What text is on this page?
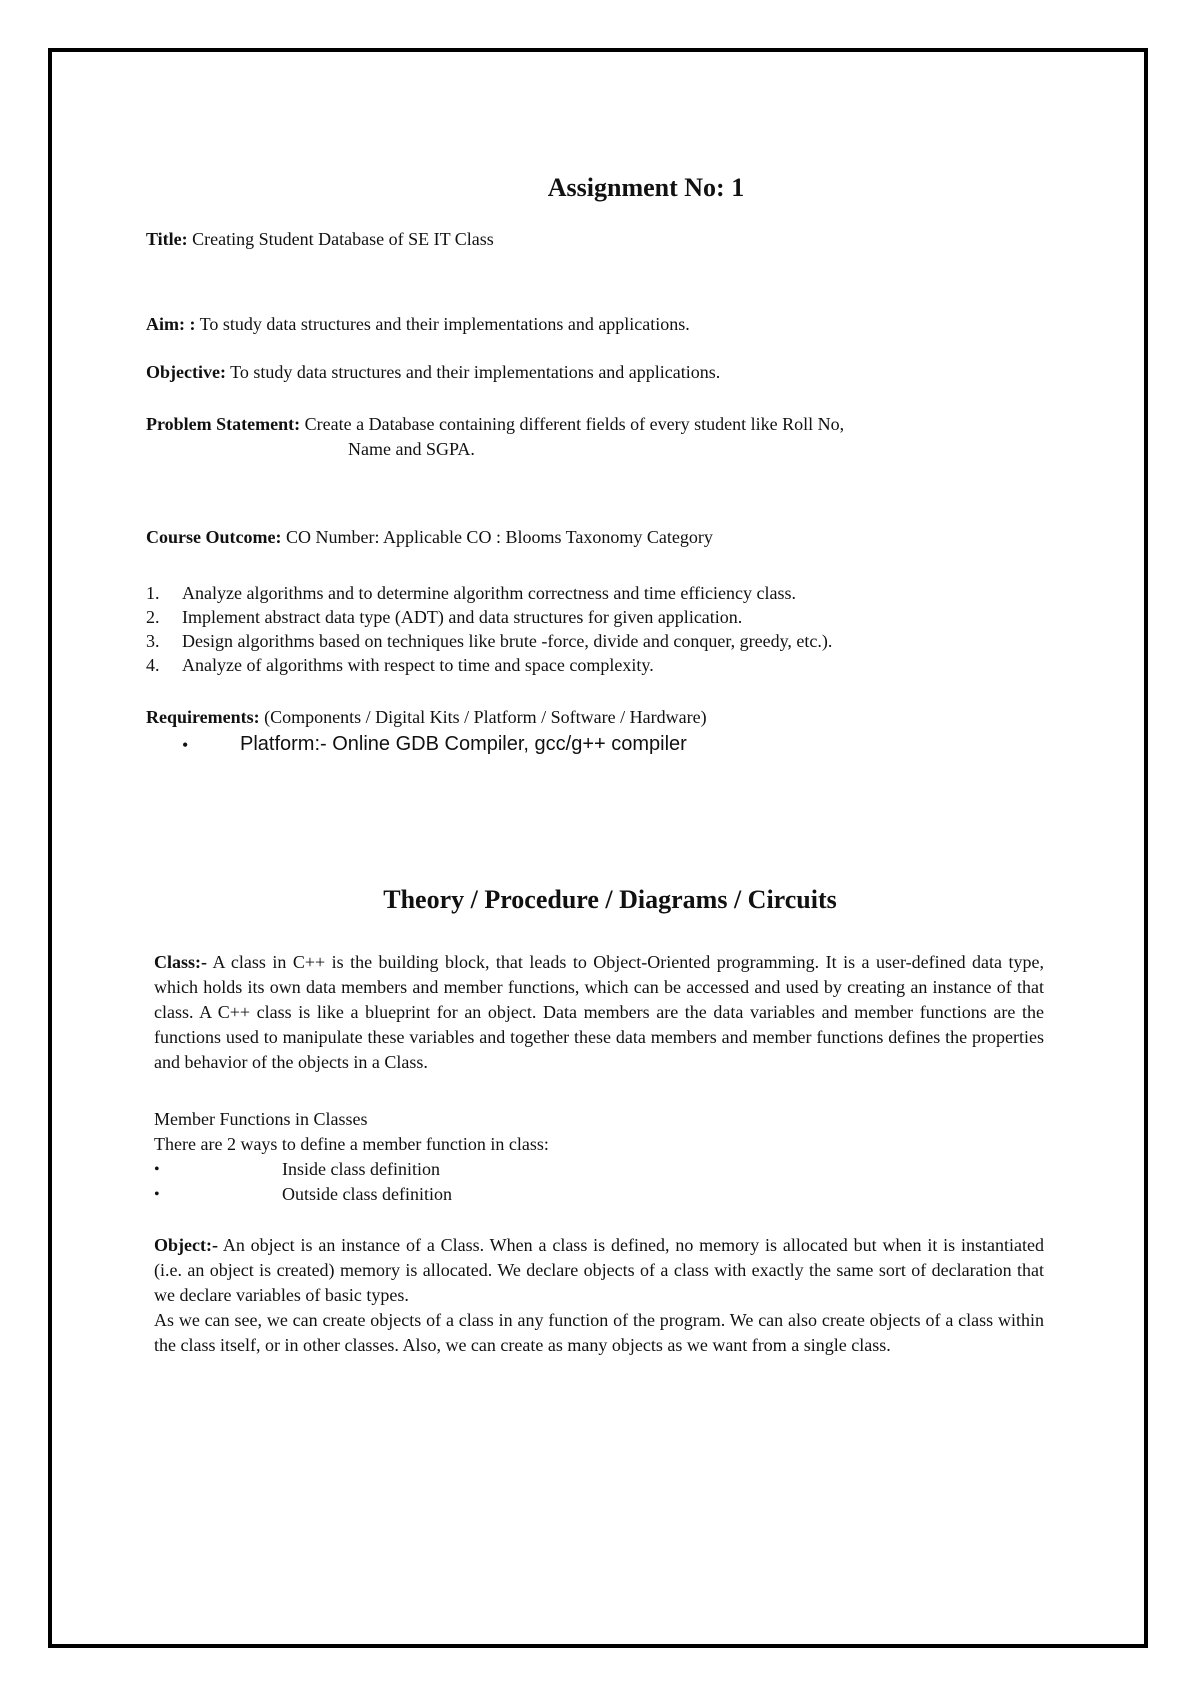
Assignment No: 1
Title: Creating Student Database of SE IT Class
Aim: : To study data structures and their implementations and applications.
Objective: To study data structures and their implementations and applications.
Problem Statement: Create a Database containing different fields of every student like Roll No,
Name and SGPA.
Course Outcome: CO Number: Applicable CO : Blooms Taxonomy Category
1. Analyze algorithms and to determine algorithm correctness and time efficiency class.
2. Implement abstract data type (ADT) and data structures for given application.
3. Design algorithms based on techniques like brute -force, divide and conquer, greedy, etc.).
4. Analyze of algorithms with respect to time and space complexity.
Requirements: (Components / Digital Kits / Platform / Software / Hardware)
•	Platform:- Online GDB Compiler, gcc/g++ compiler
Theory / Procedure / Diagrams / Circuits
Class:- A class in C++ is the building block, that leads to Object-Oriented programming. It is a user-defined data type, which holds its own data members and member functions, which can be accessed and used by creating an instance of that class. A C++ class is like a blueprint for an object. Data members are the data variables and member functions are the functions used to manipulate these variables and together these data members and member functions defines the properties and behavior of the objects in a Class.
Member Functions in Classes
There are 2 ways to define a member function in class:
•	Inside class definition
•	Outside class definition
Object:- An object is an instance of a Class. When a class is defined, no memory is allocated but when it is instantiated (i.e. an object is created) memory is allocated. We declare objects of a class with exactly the same sort of declaration that we declare variables of basic types.
As we can see, we can create objects of a class in any function of the program. We can also create objects of a class within the class itself, or in other classes. Also, we can create as many objects as we want from a single class.
